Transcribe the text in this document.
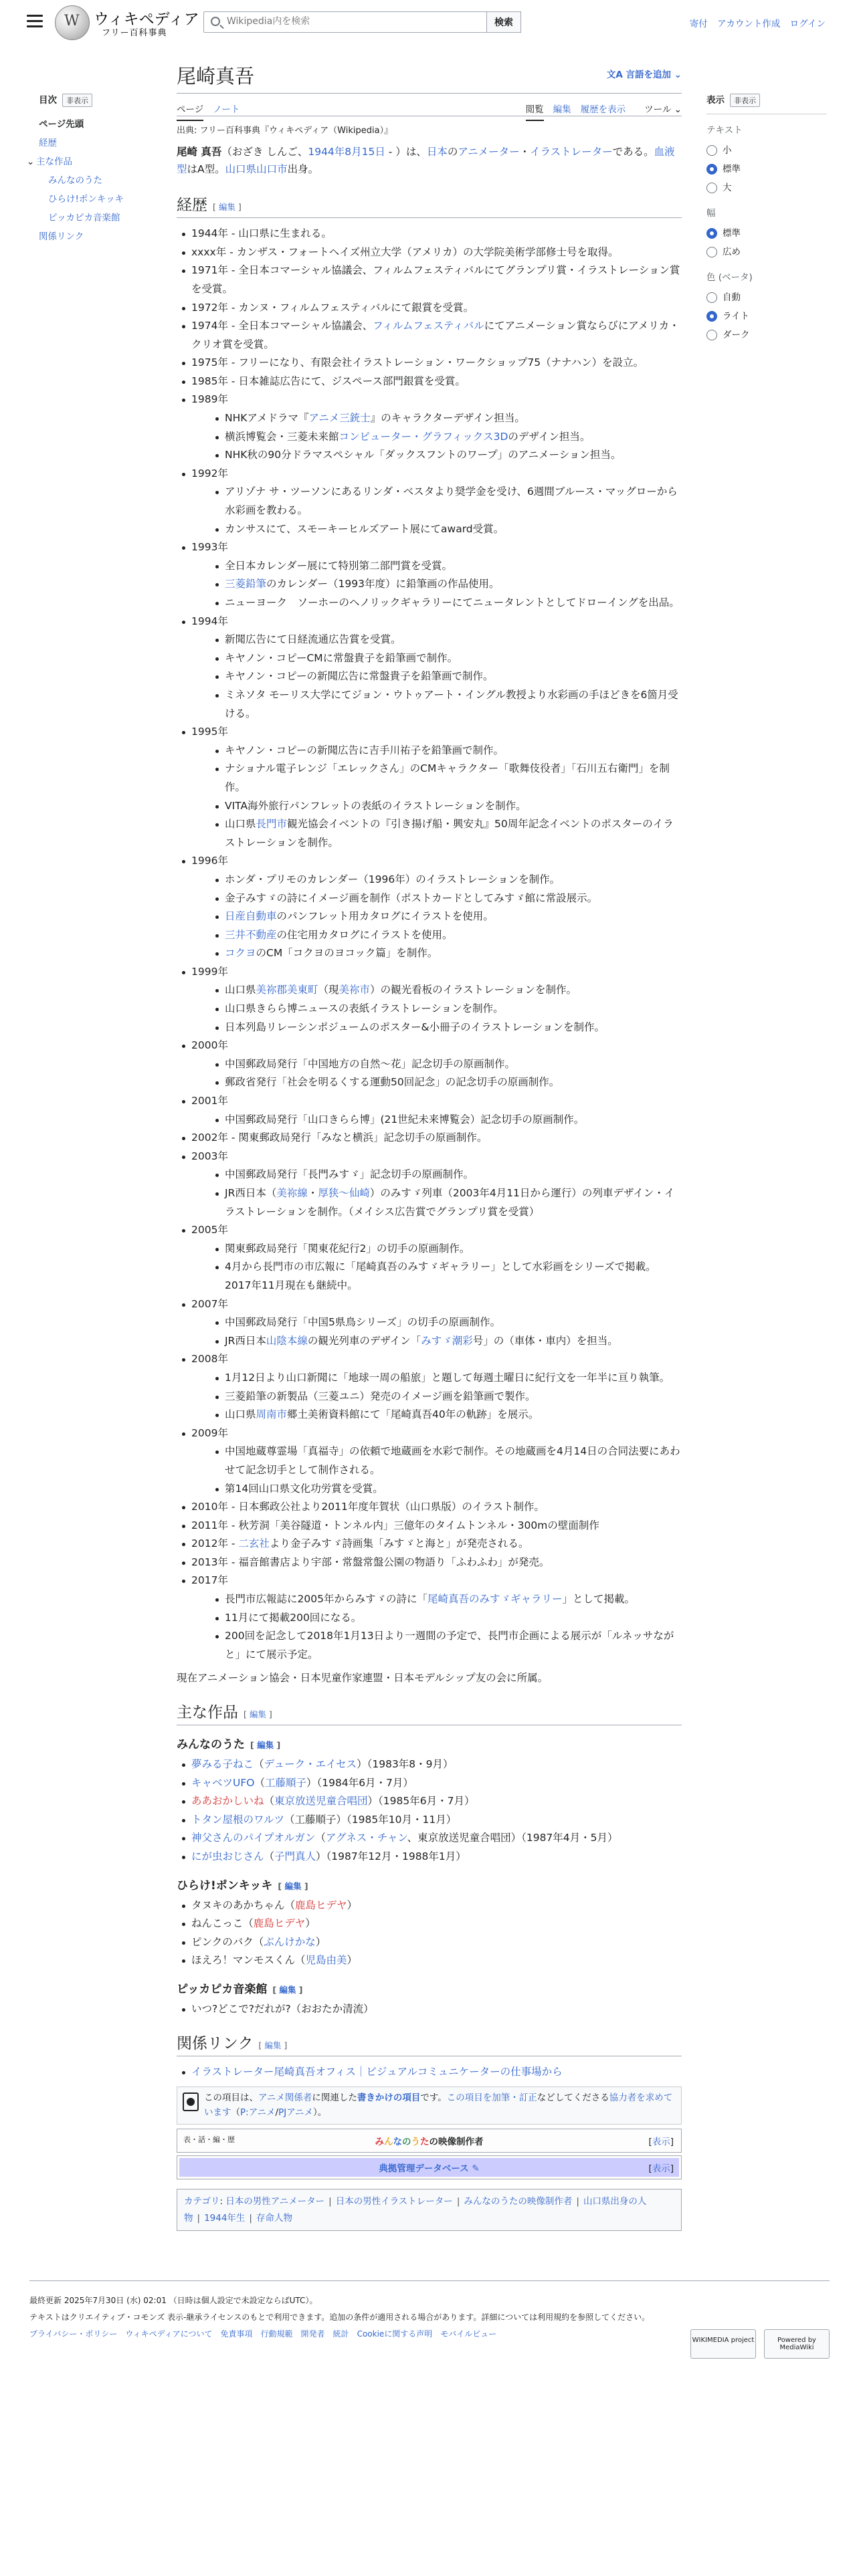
W
ウィキペディア
フリー百科事典
Wikipedia内を検索
検索	寄付 アカウント作成 ログイン
目次 非表示
ページ先頭
経歴
⌄ 主な作品
みんなのうた
ひらけ!ポンキッキ
ピッカピカ音楽館
関係リンク
表示 非表示
テキスト
小
標準
大
幅
標準
広め
色 (ベータ)
自動
ライト
ダーク
尾崎真吾	文A 言語を追加 ⌄
ページ ノート	閲覧 編集 履歴を表示 ツール ⌄
出典: フリー百科事典『ウィキペディア（Wikipedia）』
尾崎 真吾（おざき しんご、1944年8月15日 - ）は、日本のアニメーター・イラストレーターである。血液型はA型。山口県山口市出身。
経歴 [ 編集 ]
1944年 - 山口県に生まれる。
xxxx年 - カンザス・フォートヘイズ州立大学（アメリカ）の大学院美術学部修士号を取得。
1971年 - 全日本コマーシャル協議会、フィルムフェスティバルにてグランプリ賞・イラストレーション賞を受賞。
1972年 - カンヌ・フィルムフェスティバルにて銀賞を受賞。
1974年 - 全日本コマーシャル協議会、フィルムフェスティバルにてアニメーション賞ならびにアメリカ・クリオ賞を受賞。
1975年 - フリーになり、有限会社イラストレーション・ワークショップ75（ナナハン）を設立。
1985年 - 日本雑誌広告にて、ジスペース部門銀賞を受賞。
1989年
NHKアメドラマ『アニメ三銃士』のキャラクターデザイン担当。
横浜博覧会・三菱未来館コンピューター・グラフィックス3Dのデザイン担当。
NHK秋の90分ドラマスペシャル「ダックスフントのワープ」のアニメーション担当。
1992年
アリゾナ サ・ツーソンにあるリンダ・ベスタより奨学金を受け、6週間ブルース・マッグローから水彩画を教わる。
カンサスにて、スモーキーヒルズアート展にてaward受賞。
1993年
全日本カレンダー展にて特別第二部門賞を受賞。
三菱鉛筆のカレンダー（1993年度）に鉛筆画の作品使用。
ニューヨーク　ソーホーのヘノリックギャラリーにてニュータレントとしてドローイングを出品。
1994年
新聞広告にて日経流通広告賞を受賞。
キヤノン・コピーCMに常盤貴子を鉛筆画で制作。
キヤノン・コピーの新聞広告に常盤貴子を鉛筆画で制作。
ミネソタ モーリス大学にてジョン・ウトゥアート・イングル教授より水彩画の手ほどきを6箇月受ける。
1995年
キヤノン・コピーの新聞広告に吉手川祐子を鉛筆画で制作。
ナショナル電子レンジ「エレックさん」のCMキャラクター「歌舞伎役者」「石川五右衛門」を制作。
VITA海外旅行パンフレットの表紙のイラストレーションを制作。
山口県長門市観光協会イベントの『引き揚げ船・興安丸』50周年記念イベントのポスターのイラストレーションを制作。
1996年
ホンダ・プリモのカレンダー（1996年）のイラストレーションを制作。
金子みすゞの詩にイメージ画を制作（ポストカードとしてみすゞ館に常設展示。
日産自動車のパンフレット用カタログにイラストを使用。
三井不動産の住宅用カタログにイラストを使用。
コクヨのCM「コクヨのヨコック篇」を制作。
1999年
山口県美祢郡美東町（現美祢市）の観光看板のイラストレーションを制作。
山口県きらら博ニュースの表紙イラストレーションを制作。
日本列島リレーシンポジュームのポスター&小冊子のイラストレーションを制作。
2000年
中国郵政局発行「中国地方の自然〜花」記念切手の原画制作。
郵政省発行「社会を明るくする運動50回記念」の記念切手の原画制作。
2001年
中国郵政局発行「山口きらら博」(21世紀未来博覧会）記念切手の原画制作。
2002年 - 関東郵政局発行「みなと横浜」記念切手の原画制作。
2003年
中国郵政局発行「長門みすゞ」記念切手の原画制作。
JR西日本（美祢線・厚狭〜仙崎）のみすゞ列車（2003年4月11日から運行）の列車デザイン・イラストレーションを制作。（メイシス広告賞でグランプリ賞を受賞）
2005年
関東郵政局発行「関東花紀行2」の切手の原画制作。
4月から長門市の市広報に「尾崎真吾のみすゞギャラリー」として水彩画をシリーズで掲載。2017年11月現在も継続中。
2007年
中国郵政局発行「中国5県鳥シリーズ」の切手の原画制作。
JR西日本山陰本線の観光列車のデザイン「みすゞ潮彩号」の（車体・車内）を担当。
2008年
1月12日より山口新聞に「地球一周の船旅」と題して毎週土曜日に紀行文を一年半に亘り執筆。
三菱鉛筆の新製品（三菱ユニ）発売のイメージ画を鉛筆画で製作。
山口県周南市郷土美術資料館にて「尾崎真吾40年の軌跡」を展示。
2009年
中国地蔵尊霊場「真福寺」の依頼で地蔵画を水彩で制作。その地蔵画を4月14日の合同法要にあわせて記念切手として制作される。
第14回山口県文化功労賞を受賞。
2010年 - 日本郵政公社より2011年度年賀状（山口県版）のイラスト制作。
2011年 - 秋芳洞「美谷隧道・トンネル内」三億年のタイムトンネル・300mの壁面制作
2012年 - 二玄社より金子みすゞ詩画集「みすゞと海と」が発売される。
2013年 - 福音館書店より宇部・常盤常盤公園の物語り「ふわふわ」が発売。
2017年
長門市広報誌に2005年からみすゞの詩に「尾崎真吾のみすゞギャラリー」として掲載。
11月にて掲載200回になる。
200回を記念して2018年1月13日より一週間の予定で、長門市企画による展示が「ルネッサながと」にて展示予定。

現在アニメーション協会・日本児童作家連盟・日本モデルシップ友の会に所属。

主な作品 [ 編集 ]
みんなのうた [ 編集 ]
夢みる子ねこ（デューク・エイセス）（1983年8・9月）
キャベツUFO（工藤順子）（1984年6月・7月）
ああおかしいね（東京放送児童合唱団）（1985年6月・7月）
トタン屋根のワルツ（工藤順子）（1985年10月・11月）
神父さんのパイプオルガン（アグネス・チャン、東京放送児童合唱団）（1987年4月・5月）
にが虫おじさん（子門真人）（1987年12月・1988年1月）
ひらけ!ポンキッキ [ 編集 ]
タヌキのあかちゃん（鹿島ヒデヤ）
ねんこっこ（鹿島ヒデヤ）
ピンクのバク（ぶんけかな）
ほえろ！マンモスくん（児島由美）
ピッカピカ音楽館 [ 編集 ]
いつ?どこで?だれが?（おおたか清流）
関係リンク [ 編集 ]
イラストレーター尾崎真吾オフィス｜ビジュアルコミュニケーターの仕事場から
この項目は、アニメ関係者に関連した書きかけの項目です。この項目を加筆・訂正などしてくださる協力者を求めています（P:アニメ/PJアニメ）。
表・話・編・歴	みんなのうたの映像制作者	[表示]
典拠管理データベース ✎	[表示]
カテゴリ: 日本の男性アニメーター | 日本の男性イラストレーター | みんなのうたの映像制作者 | 山口県出身の人物 | 1944年生 | 存命人物

最終更新 2025年7月30日 (水) 02:01 （日時は個人設定で未設定ならばUTC）。

テキストはクリエイティブ・コモンズ 表示-継承ライセンスのもとで利用できます。追加の条件が適用される場合があります。詳細については利用規約を参照してください。

プライバシー・ポリシー ウィキペディアについて 免責事項 行動規範 開発者 統計 Cookieに関する声明 モバイルビュー
WIKIMEDIA project	Powered by MediaWiki
